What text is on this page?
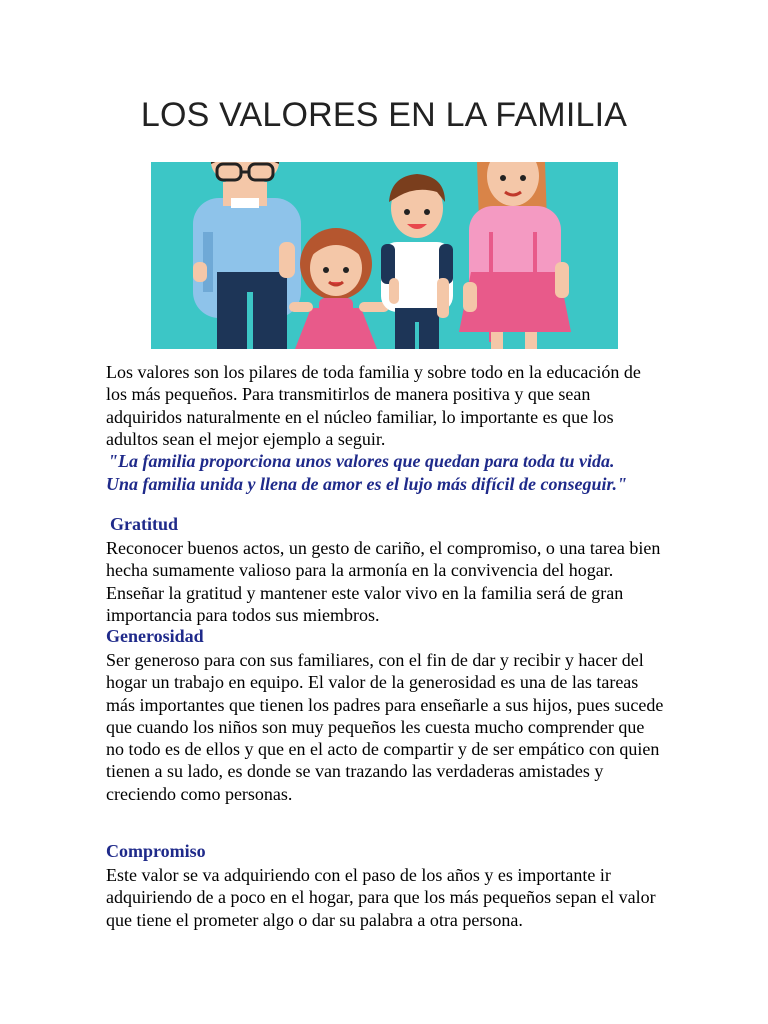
LOS VALORES EN LA FAMILIA
Los valores son los pilares de toda familia y sobre todo en la educación de los más pequeños. Para transmitirlos de manera positiva y que sean adquiridos naturalmente en el núcleo familiar, lo importante es que los adultos sean el mejor ejemplo a seguir.
"La familia proporciona unos valores que quedan para toda tu vida.
Una familia unida y llena de amor es el lujo más difícil de conseguir."
Gratitud
Reconocer buenos actos, un gesto de cariño, el compromiso, o una tarea bien hecha sumamente valioso para la armonía en la convivencia del hogar. Enseñar la gratitud y mantener este valor vivo en la familia será de gran importancia para todos sus miembros.
Generosidad
Ser generoso para con sus familiares, con el fin de dar y recibir y hacer del hogar un trabajo en equipo. El valor de la generosidad es una de las tareas más importantes que tienen los padres para enseñarle a sus hijos, pues sucede que cuando los niños son muy pequeños les cuesta mucho comprender que no todo es de ellos y que en el acto de compartir y de ser empático con quien tienen a su lado, es donde se van trazando las verdaderas amistades y creciendo como personas.
Compromiso
Este valor se va adquiriendo con el paso de los años y es importante ir adquiriendo de a poco en el hogar, para que los más pequeños sepan el valor que tiene el prometer algo o dar su palabra a otra persona.
